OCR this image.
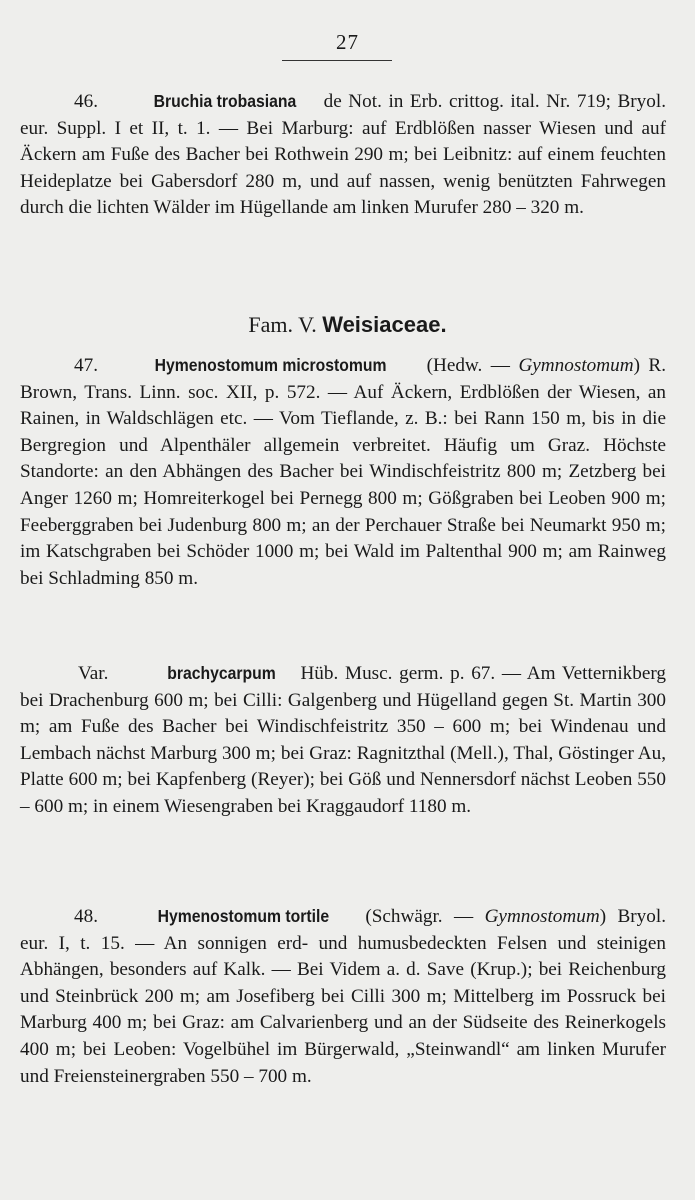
27

46.	Bruchia trobasiana de Not. in Erb. crittog. ital. Nr. 719; Bryol. eur. Suppl. I et II, t. 1. — Bei Marburg: auf Erdblößen nasser Wiesen und auf Äckern am Fuße des Bacher bei Rothwein 290 m; bei Leibnitz: auf einem feuchten Heideplatze bei Gabersdorf 280 m, und auf nassen, wenig benützten Fahrwegen durch die lichten Wälder im Hügellande am linken Murufer 280 – 320 m.

Fam. V. Weisiaceae.

47.	Hymenostomum microstomum (Hedw. — Gymnostomum) R. Brown, Trans. Linn. soc. XII, p. 572. — Auf Äckern, Erdblößen der Wiesen, an Rainen, in Waldschlägen etc. — Vom Tieflande, z. B.: bei Rann 150 m, bis in die Bergregion und Alpenthäler allgemein verbreitet. Häufig um Graz. Höchste Standorte: an den Abhängen des Bacher bei Windischfeistritz 800 m; Zetzberg bei Anger 1260 m; Homreiterkogel bei Pernegg 800 m; Gößgraben bei Leoben 900 m; Feeberggraben bei Judenburg 800 m; an der Perchauer Straße bei Neumarkt 950 m; im Katschgraben bei Schöder 1000 m; bei Wald im Paltenthal 900 m; am Rainweg bei Schladming 850 m.

Var.	brachycarpum Hüb. Musc. germ. p. 67. — Am Vetternikberg bei Drachenburg 600 m; bei Cilli: Galgenberg und Hügelland gegen St. Martin 300 m; am Fuße des Bacher bei Windischfeistritz 350 – 600 m; bei Windenau und Lembach nächst Marburg 300 m; bei Graz: Ragnitzthal (Mell.), Thal, Göstinger Au, Platte 600 m; bei Kapfenberg (Reyer); bei Göß und Nennersdorf nächst Leoben 550 – 600 m; in einem Wiesengraben bei Kraggaudorf 1180 m.

48.	Hymenostomum tortile (Schwägr. — Gymnostomum) Bryol. eur. I, t. 15. — An sonnigen erd- und humusbedeckten Felsen und steinigen Abhängen, besonders auf Kalk. — Bei Videm a. d. Save (Krup.); bei Reichenburg und Steinbrück 200 m; am Josefiberg bei Cilli 300 m; Mittelberg im Possruck bei Marburg 400 m; bei Graz: am Calvarienberg und an der Südseite des Reinerkogels 400 m; bei Leoben: Vogelbühel im Bürgerwald, „Steinwandl“ am linken Murufer und Freiensteinergraben 550 – 700 m.
